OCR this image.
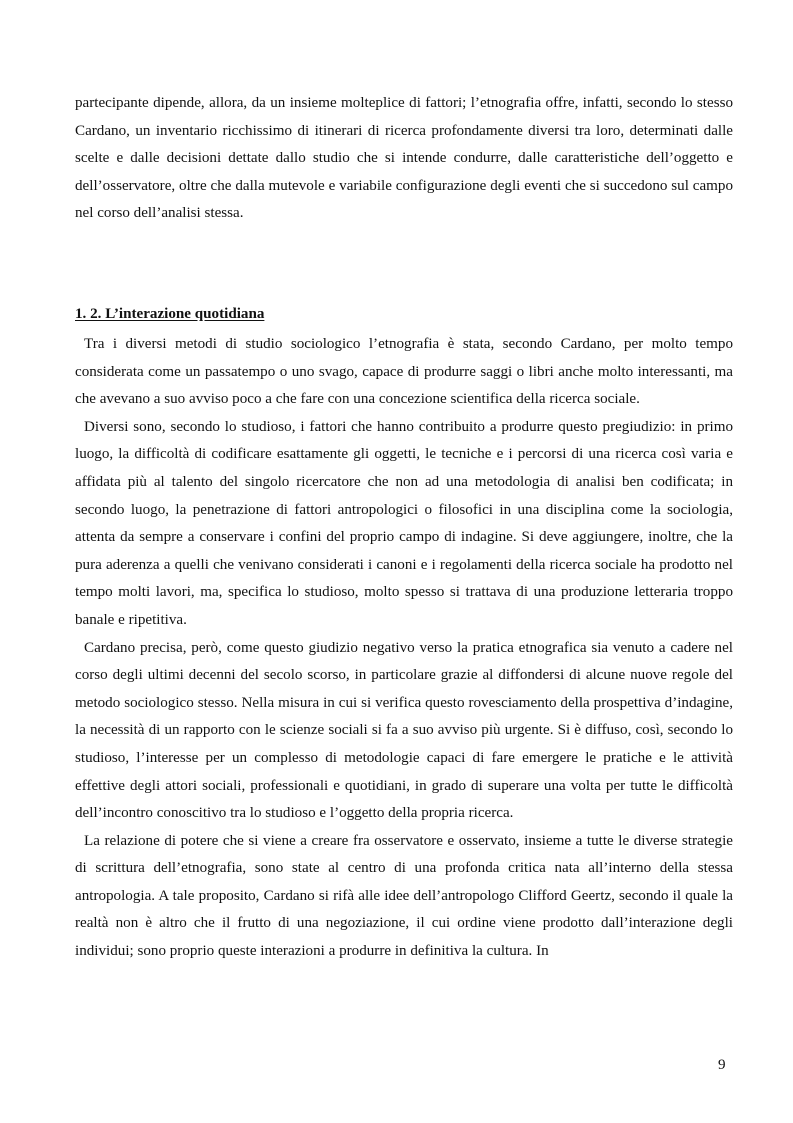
partecipante dipende, allora, da un insieme molteplice di fattori; l’etnografia offre, infatti, secondo lo stesso Cardano, un inventario ricchissimo di itinerari di ricerca profondamente diversi tra loro, determinati dalle scelte e dalle decisioni dettate dallo studio che si intende condurre, dalle caratteristiche dell’oggetto e dell’osservatore, oltre che dalla mutevole e variabile configurazione degli eventi che si succedono sul campo nel corso dell’analisi stessa.

1. 2. L’interazione quotidiana

Tra i diversi metodi di studio sociologico l’etnografia è stata, secondo Cardano, per molto tempo considerata come un passatempo o uno svago, capace di produrre saggi o libri anche molto interessanti, ma che avevano a suo avviso poco a che fare con una concezione scientifica della ricerca sociale.

Diversi sono, secondo lo studioso, i fattori che hanno contribuito a produrre questo pregiudizio: in primo luogo, la difficoltà di codificare esattamente gli oggetti, le tecniche e i percorsi di una ricerca così varia e affidata più al talento del singolo ricercatore che non ad una metodologia di analisi ben codificata; in secondo luogo, la penetrazione di fattori antropologici o filosofici in una disciplina come la sociologia, attenta da sempre a conservare i confini del proprio campo di indagine. Si deve aggiungere, inoltre, che la pura aderenza a quelli che venivano considerati i canoni e i regolamenti della ricerca sociale ha prodotto nel tempo molti lavori, ma, specifica lo studioso, molto spesso si trattava di una produzione letteraria troppo banale e ripetitiva.

Cardano precisa, però, come questo giudizio negativo verso la pratica etnografica sia venuto a cadere nel corso degli ultimi decenni del secolo scorso, in particolare grazie al diffondersi di alcune nuove regole del metodo sociologico stesso. Nella misura in cui si verifica questo rovesciamento della prospettiva d’indagine, la necessità di un rapporto con le scienze sociali si fa a suo avviso più urgente. Si è diffuso, così, secondo lo studioso, l’interesse per un complesso di metodologie capaci di fare emergere le pratiche e le attività effettive degli attori sociali, professionali e quotidiani, in grado di superare una volta per tutte le difficoltà dell’incontro conoscitivo tra lo studioso e l’oggetto della propria ricerca.

La relazione di potere che si viene a creare fra osservatore e osservato, insieme a tutte le diverse strategie di scrittura dell’etnografia, sono state al centro di una profonda critica nata all’interno della stessa antropologia. A tale proposito, Cardano si rifà alle idee dell’antropologo Clifford Geertz, secondo il quale la realtà non è altro che il frutto di una negoziazione, il cui ordine viene prodotto dall’interazione degli individui; sono proprio queste interazioni a produrre in definitiva la cultura. In

9
